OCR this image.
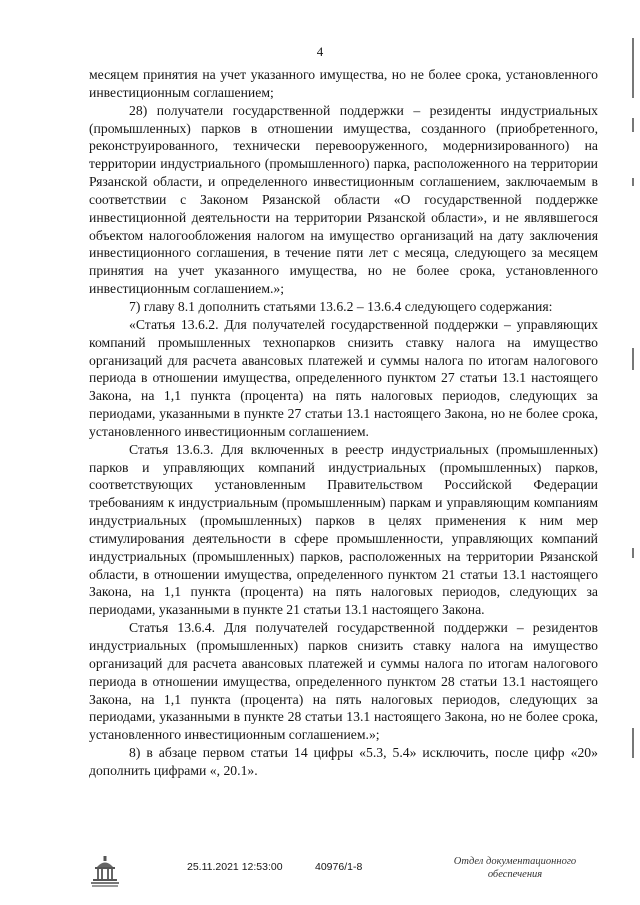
4

месяцем принятия на учет указанного имущества, но не более срока, установленного инвестиционным соглашением;

28) получатели государственной поддержки – резиденты индустриальных (промышленных) парков в отношении имущества, созданного (приобретенного, реконструированного, технически перевооруженного, модернизированного) на территории индустриального (промышленного) парка, расположенного на территории Рязанской области, и определенного инвестиционным соглашением, заключаемым в соответствии с Законом Рязанской области «О государственной поддержке инвестиционной деятельности на территории Рязанской области», и не являвшегося объектом налогообложения налогом на имущество организаций на дату заключения инвестиционного соглашения, в течение пяти лет с месяца, следующего за месяцем принятия на учет указанного имущества, но не более срока, установленного инвестиционным соглашением.»;

7) главу 8.1 дополнить статьями 13.6.2 – 13.6.4 следующего содержания:

«Статья 13.6.2. Для получателей государственной поддержки – управляющих компаний промышленных технопарков снизить ставку налога на имущество организаций для расчета авансовых платежей и суммы налога по итогам налогового периода в отношении имущества, определенного пунктом 27 статьи 13.1 настоящего Закона, на 1,1 пункта (процента) на пять налоговых периодов, следующих за периодами, указанными в пункте 27 статьи 13.1 настоящего Закона, но не более срока, установленного инвестиционным соглашением.

Статья 13.6.3. Для включенных в реестр индустриальных (промышленных) парков и управляющих компаний индустриальных (промышленных) парков, соответствующих установленным Правительством Российской Федерации требованиям к индустриальным (промышленным) паркам и управляющим компаниям индустриальных (промышленных) парков в целях применения к ним мер стимулирования деятельности в сфере промышленности, управляющих компаний индустриальных (промышленных) парков, расположенных на территории Рязанской области, в отношении имущества, определенного пунктом 21 статьи 13.1 настоящего Закона, на 1,1 пункта (процента) на пять налоговых периодов, следующих за периодами, указанными в пункте 21 статьи 13.1 настоящего Закона.

Статья 13.6.4. Для получателей государственной поддержки – резидентов индустриальных (промышленных) парков снизить ставку налога на имущество организаций для расчета авансовых платежей и суммы налога по итогам налогового периода в отношении имущества, определенного пунктом 28 статьи 13.1 настоящего Закона, на 1,1 пункта (процента) на пять налоговых периодов, следующих за периодами, указанными в пункте 28 статьи 13.1 настоящего Закона, но не более срока, установленного инвестиционным соглашением.»;

8) в абзаце первом статьи 14 цифры «5.3, 5.4» исключить, после цифр «20» дополнить цифрами «, 20.1».

25.11.2021 12:53:00	40976/1-8	Отдел документационного обеспечения
